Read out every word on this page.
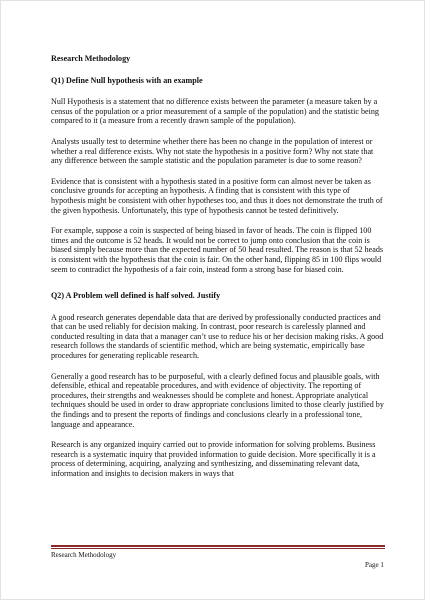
Research Methodology
Q1) Define Null hypothesis with an example

Null Hypothesis is a statement that no difference exists between the parameter (a measure taken by a census of the population or a prior measurement of a sample of the population) and the statistic being compared to it (a measure from a recently drawn sample of the population).

Analysts usually test to determine whether there has been no change in the population of interest or whether a real difference exists. Why not state the hypothesis in a positive form? Why not state that any difference between the sample statistic and the population parameter is due to some reason?

Evidence that is consistent with a hypothesis stated in a positive form can almost never be taken as conclusive grounds for accepting an hypothesis. A finding that is consistent with this type of hypothesis might be consistent with other hypotheses too, and thus it does not demonstrate the truth of the given hypothesis. Unfortunately, this type of hypothesis cannot be tested definitively.

For example, suppose a coin is suspected of being biased in favor of heads. The coin is flipped 100 times and the outcome is 52 heads. It would not be correct to jump onto conclusion that the coin is biased simply because more than the expected number of 50 head resulted. The reason is that 52 heads is consistent with the hypothesis that the coin is fair. On the other hand, flipping 85 in 100 flips would seem to contradict the hypothesis of a fair coin, instead form a strong base for biased coin.

Q2) A Problem well defined is half solved. Justify

A good research generates dependable data that are derived by professionally conducted practices and that can be used reliably for decision making. In contrast, poor research is carelessly planned and conducted resulting in data that a manager can’t use to reduce his or her decision making risks. A good research follows the standards of scientific method, which are being systematic, empirically base procedures for generating replicable research.

Generally a good research has to be purposeful, with a clearly defined focus and plausible goals, with defensible, ethical and repeatable procedures, and with evidence of objectivity. The reporting of procedures, their strengths and weaknesses should be complete and honest. Appropriate analytical techniques should be used in order to draw appropriate conclusions limited to those clearly justified by the findings and to present the reports of findings and conclusions clearly in a professional tone, language and appearance.

Research is any organized inquiry carried out to provide information for solving problems. Business research is a systematic inquiry that provided information to guide decision. More specifically it is a process of determining, acquiring, analyzing and synthesizing, and disseminating relevant data, information and insights to decision makers in ways that

Research Methodology
Page 1
